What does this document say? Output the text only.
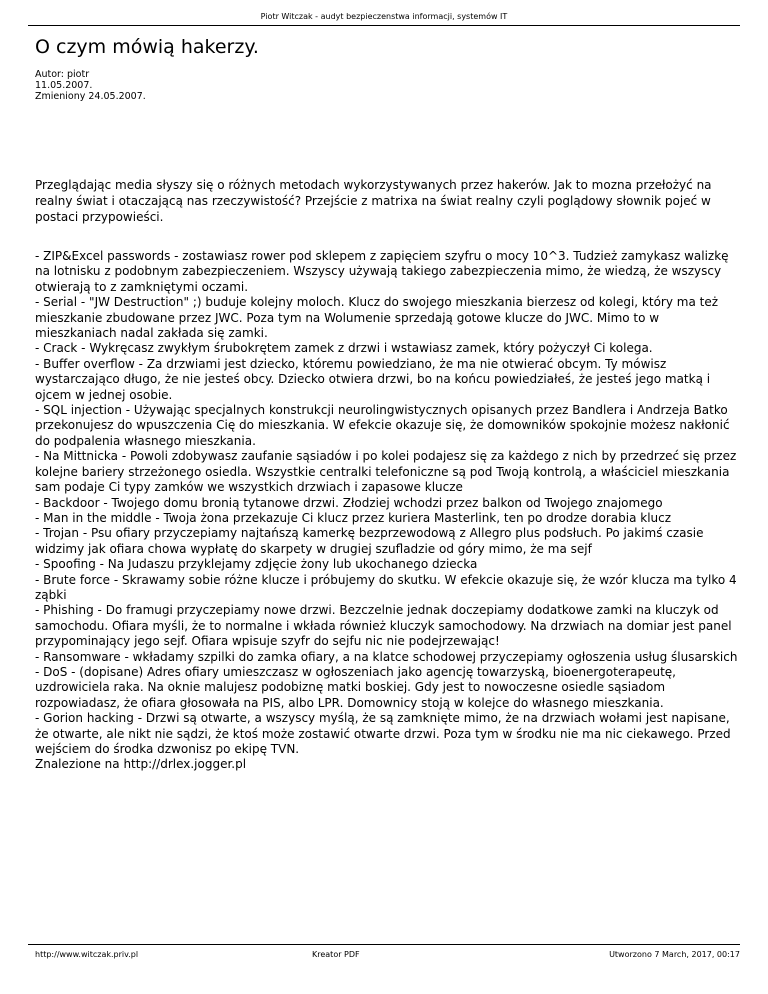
Piotr Witczak - audyt bezpieczenstwa informacji, systemów IT
O czym mówią hakerzy.
Autor: piotr
11.05.2007.
Zmieniony 24.05.2007.

Przeglądając media słyszy się o różnych metodach wykorzystywanych przez hakerów. Jak to mozna przełożyć na realny świat i otaczającą nas rzeczywistość? Przejście z matrixa na świat realny czyli poglądowy słownik pojeć w postaci przypowieści.

- ZIP&Excel passwords - zostawiasz rower pod sklepem z zapięciem szyfru o mocy 10^3. Tudzież zamykasz walizkę na lotnisku z podobnym zabezpieczeniem. Wszyscy używają takiego zabezpieczenia mimo, że wiedzą, że wszyscy otwierają to z zamkniętymi oczami.
- Serial - "JW Destruction" ;) buduje kolejny moloch. Klucz do swojego mieszkania bierzesz od kolegi, który ma też mieszkanie zbudowane przez JWC. Poza tym na Wolumenie sprzedają gotowe klucze do JWC. Mimo to w mieszkaniach nadal zakłada się zamki.
- Crack - Wykręcasz zwykłym śrubokrętem zamek z drzwi i wstawiasz zamek, który pożyczył Ci kolega.
- Buffer overflow - Za drzwiami jest dziecko, któremu powiedziano, że ma nie otwierać obcym. Ty mówisz wystarczająco długo, że nie jesteś obcy. Dziecko otwiera drzwi, bo na końcu powiedziałeś, że jesteś jego matką i ojcem w jednej osobie.
- SQL injection - Używając specjalnych konstrukcji neurolingwistycznych opisanych przez Bandlera i Andrzeja Batko przekonujesz do wpuszczenia Cię do mieszkania. W efekcie okazuje się, że domowników spokojnie możesz nakłonić do podpalenia własnego mieszkania.
- Na Mittnicka - Powoli zdobywasz zaufanie sąsiadów i po kolei podajesz się za każdego z nich by przedrzeć się przez kolejne bariery strzeżonego osiedla. Wszystkie centralki telefoniczne są pod Twoją kontrolą, a właściciel mieszkania sam podaje Ci typy zamków we wszystkich drzwiach i zapasowe klucze
- Backdoor - Twojego domu bronią tytanowe drzwi. Złodziej wchodzi przez balkon od Twojego znajomego
- Man in the middle - Twoja żona przekazuje Ci klucz przez kuriera Masterlink, ten po drodze dorabia klucz
- Trojan - Psu ofiary przyczepiamy najtańszą kamerkę bezprzewodową z Allegro plus podsłuch. Po jakimś czasie widzimy jak ofiara chowa wypłatę do skarpety w drugiej szufladzie od góry mimo, że ma sejf
- Spoofing - Na Judaszu przyklejamy zdjęcie żony lub ukochanego dziecka
- Brute force - Skrawamy sobie różne klucze i próbujemy do skutku. W efekcie okazuje się, że wzór klucza ma tylko 4 ząbki
- Phishing - Do framugi przyczepiamy nowe drzwi. Bezczelnie jednak doczepiamy dodatkowe zamki na kluczyk od samochodu. Ofiara myśli, że to normalne i wkłada również kluczyk samochodowy. Na drzwiach na domiar jest panel przypominający jego sejf. Ofiara wpisuje szyfr do sejfu nic nie podejrzewając!
- Ransomware - wkładamy szpilki do zamka ofiary, a na klatce schodowej przyczepiamy ogłoszenia usług ślusarskich
- DoS - (dopisane) Adres ofiary umieszczasz w ogłoszeniach jako agencję towarzyską, bioenergoterapeutę, uzdrowiciela raka. Na oknie malujesz podobiznę matki boskiej. Gdy jest to nowoczesne osiedle sąsiadom rozpowiadasz, że ofiara głosowała na PIS, albo LPR. Domownicy stoją w kolejce do własnego mieszkania.
- Gorion hacking - Drzwi są otwarte, a wszyscy myślą, że są zamknięte mimo, że na drzwiach wołami jest napisane, że otwarte, ale nikt nie sądzi, że ktoś może zostawić otwarte drzwi. Poza tym w środku nie ma nic ciekawego. Przed wejściem do środka dzwonisz po ekipę TVN.
Znalezione na http://drlex.jogger.pl
http://www.witczak.priv.pl	Kreator PDF	Utworzono 7 March, 2017, 00:17
